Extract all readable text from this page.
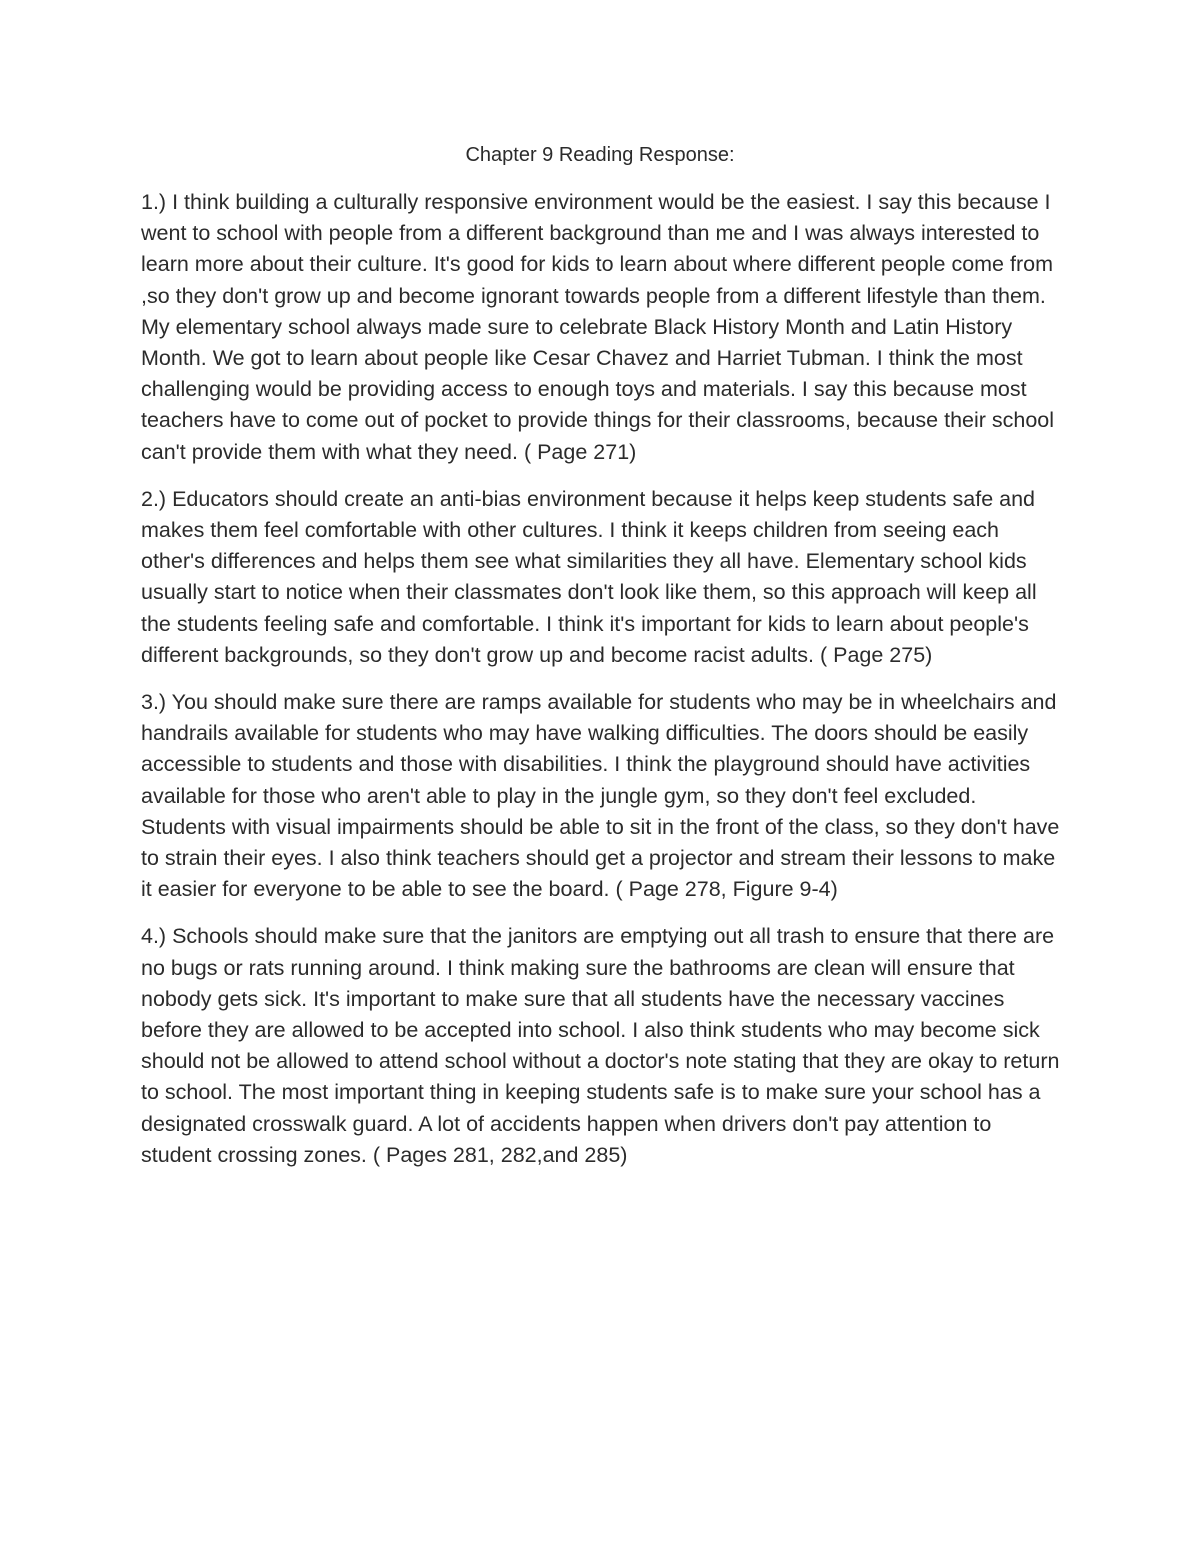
Chapter 9 Reading Response:

1.) I think building a culturally responsive environment would be the easiest. I say this because I went to school with people from a different background than me and I was always interested to learn more about their culture. It's good for kids to learn about where different people come from ,so they don't grow up and become ignorant towards people from a different lifestyle than them. My elementary school always made sure to celebrate Black History Month and Latin History Month. We got to learn about people like Cesar Chavez and Harriet Tubman. I think the most challenging would be providing access to enough toys and materials. I say this because most teachers have to come out of pocket to provide things for their classrooms, because their school can't provide them with what they need. ( Page 271)

2.) Educators should create an anti-bias environment because it helps keep students safe and makes them feel comfortable with other cultures. I think it keeps children from seeing each other's differences and helps them see what similarities they all have. Elementary school kids usually start to notice when their classmates don't look like them, so this approach will keep all the students feeling safe and comfortable. I think it's important for kids to learn about people's different backgrounds, so they don't grow up and become racist adults. ( Page 275)

3.) You should make sure there are ramps available for students who may be in wheelchairs and handrails available for students who may have walking difficulties. The doors should be easily accessible to students and those with disabilities. I think the playground should have activities available for those who aren't able to play in the jungle gym, so they don't feel excluded. Students with visual impairments should be able to sit in the front of the class, so they don't have to strain their eyes. I also think teachers should get a projector and stream their lessons to make it easier for everyone to be able to see the board. ( Page 278, Figure 9-4)

4.) Schools should make sure that the janitors are emptying out all trash to ensure that there are no bugs or rats running around. I think making sure the bathrooms are clean will ensure that nobody gets sick. It's important to make sure that all students have the necessary vaccines before they are allowed to be accepted into school. I also think students who may become sick should not be allowed to attend school without a doctor's note stating that they are okay to return to school. The most important thing in keeping students safe is to make sure your school has a designated crosswalk guard. A lot of accidents happen when drivers don't pay attention to student crossing zones. ( Pages 281, 282,and 285)
